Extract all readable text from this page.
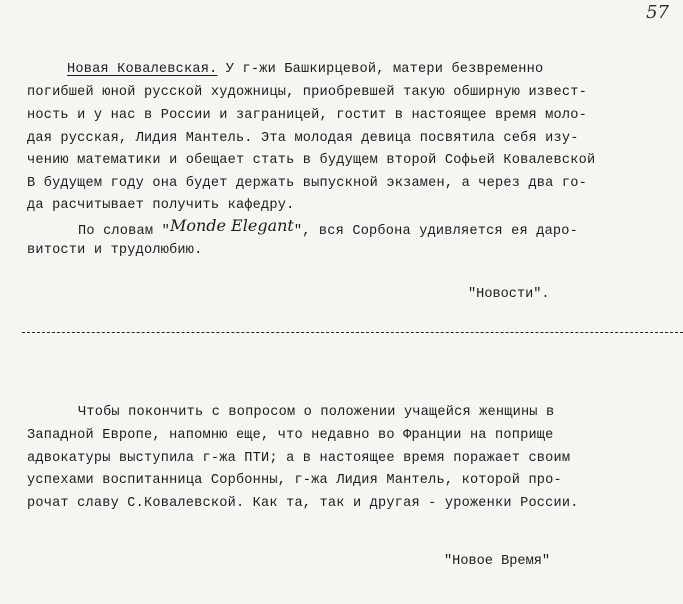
57
Новая Ковалевская. У г-жи Башкирцевой, матери безвременно
погибшей юной русской художницы, приобревшей такую обширную извест-
ность и у нас в России и заграницей, гостит в настоящее время моло-
дая русская, Лидия Мантель. Эта молодая девица посвятила себя изу-
чению математики и обещает стать в будущем второй Софьей Ковалевской
В будущем году она будет держать выпускной экзамен, а через два го-
да расчитывает получить кафедру.
По словам "Monde Elegant", вся Сорбона удивляется ея даро-
витости и трудолюбию.
"Новости".
Чтобы покончить с вопросом о положении учащейся женщины в
Западной Европе, напомню еще, что недавно во Франции на поприще
адвокатуры выступила г-жа ПТИ; а в настоящее время поражает своим
успехами воспитанница Сорбонны, г-жа Лидия Мантель, которой про-
рочат славу С.Ковалевской. Как та, так и другая - уроженки России.
"Новое Время"
